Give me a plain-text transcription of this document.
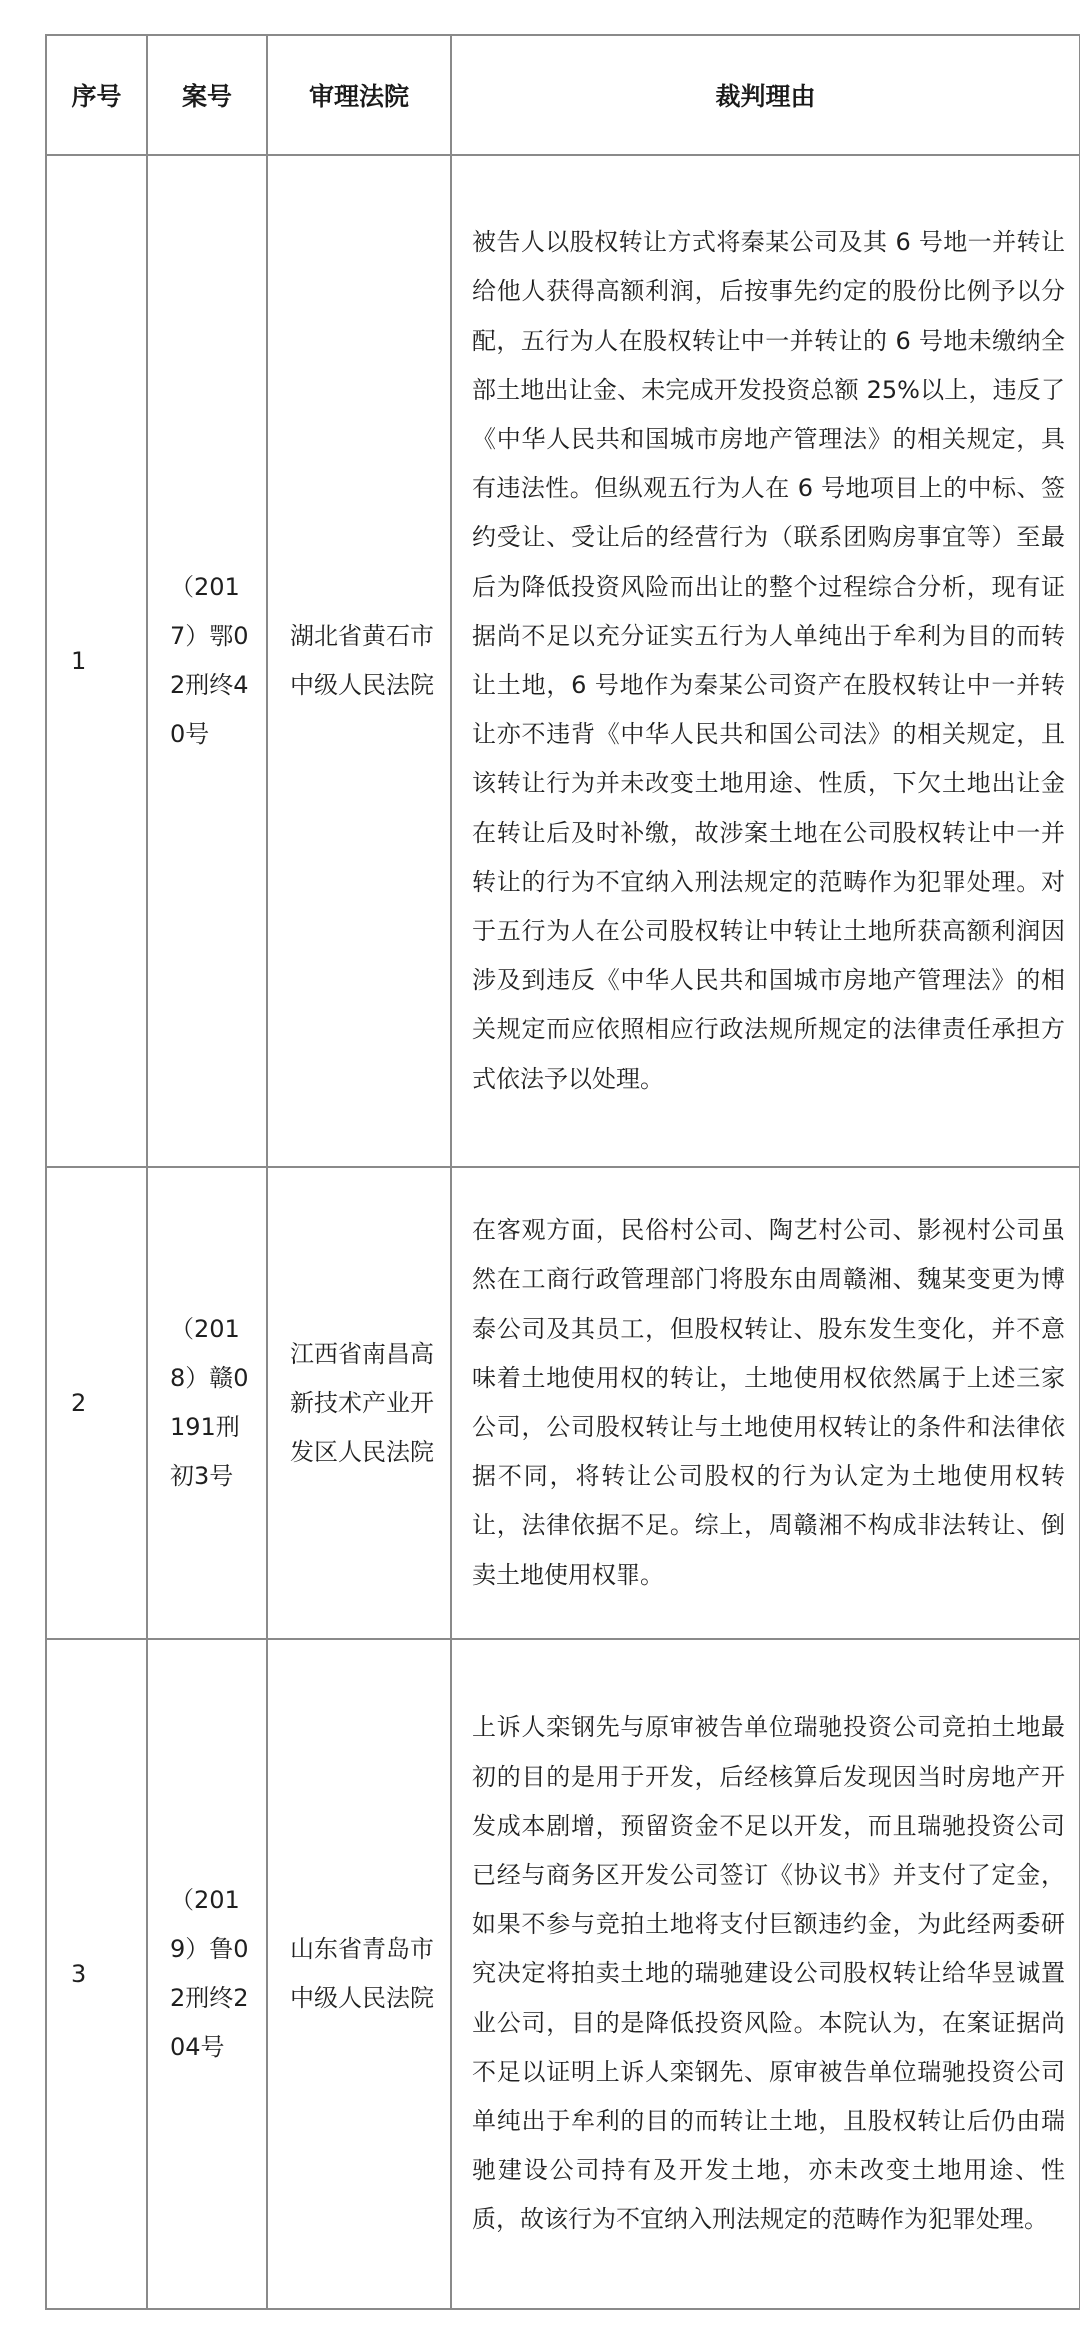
序号	案号	审理法院	裁判理由
1	（2017）鄂02刑终40号	湖北省黄石市中级人民法院	被告人以股权转让方式将秦某公司及其 6 号地一并转让给他人获得高额利润，后按事先约定的股份比例予以分配，五行为人在股权转让中一并转让的 6 号地未缴纳全部土地出让金、未完成开发投资总额 25%以上，违反了《中华人民共和国城市房地产管理法》的相关规定，具有违法性。但纵观五行为人在 6 号地项目上的中标、签约受让、受让后的经营行为（联系团购房事宜等）至最后为降低投资风险而出让的整个过程综合分析，现有证据尚不足以充分证实五行为人单纯出于牟利为目的而转让土地，6 号地作为秦某公司资产在股权转让中一并转让亦不违背《中华人民共和国公司法》的相关规定，且该转让行为并未改变土地用途、性质，下欠土地出让金在转让后及时补缴，故涉案土地在公司股权转让中一并转让的行为不宜纳入刑法规定的范畴作为犯罪处理。对于五行为人在公司股权转让中转让土地所获高额利润因涉及到违反《中华人民共和国城市房地产管理法》的相关规定而应依照相应行政法规所规定的法律责任承担方式依法予以处理。
2	（2018）赣0191刑初3号	江西省南昌高新技术产业开发区人民法院	在客观方面，民俗村公司、陶艺村公司、影视村公司虽然在工商行政管理部门将股东由周赣湘、魏某变更为博泰公司及其员工，但股权转让、股东发生变化，并不意味着土地使用权的转让，土地使用权依然属于上述三家公司，公司股权转让与土地使用权转让的条件和法律依据不同，将转让公司股权的行为认定为土地使用权转让，法律依据不足。综上，周赣湘不构成非法转让、倒卖土地使用权罪。
3	（2019）鲁02刑终204号	山东省青岛市中级人民法院	上诉人栾钢先与原审被告单位瑞驰投资公司竞拍土地最初的目的是用于开发，后经核算后发现因当时房地产开发成本剧增，预留资金不足以开发，而且瑞驰投资公司已经与商务区开发公司签订《协议书》并支付了定金，如果不参与竞拍土地将支付巨额违约金，为此经两委研究决定将拍卖土地的瑞驰建设公司股权转让给华昱诚置业公司，目的是降低投资风险。本院认为，在案证据尚不足以证明上诉人栾钢先、原审被告单位瑞驰投资公司单纯出于牟利的目的而转让土地，且股权转让后仍由瑞驰建设公司持有及开发土地，亦未改变土地用途、性质，故该行为不宜纳入刑法规定的范畴作为犯罪处理。
